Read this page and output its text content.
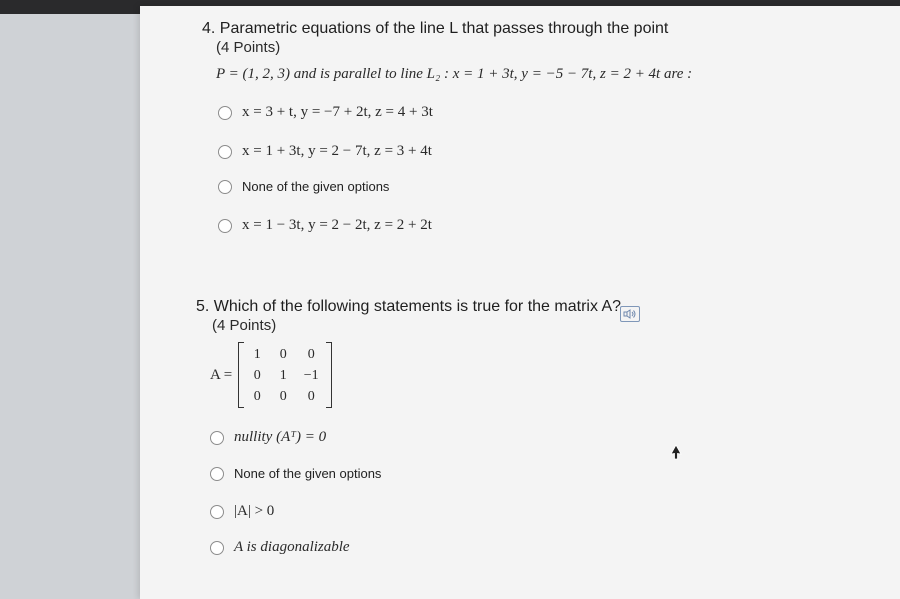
4. Parametric equations of the line L that passes through the point
(4 Points)
P = (1, 2, 3) and is parallel to line L₂ : x = 1 + 3t, y = −5 − 7t, z = 2 + 4t are :
x = 3 + t, y = −7 + 2t, z = 4 + 3t
x = 1 + 3t, y = 2 − 7t, z = 3 + 4t
None of the given options
x = 1 − 3t, y = 2 − 2t, z = 2 + 2t
5. Which of the following statements is true for the matrix A?
(4 Points)
A =
1	0	0
0	1	−1
0	0	0
nullity (Aᵀ) = 0
None of the given options
|A| > 0
A is diagonalizable
